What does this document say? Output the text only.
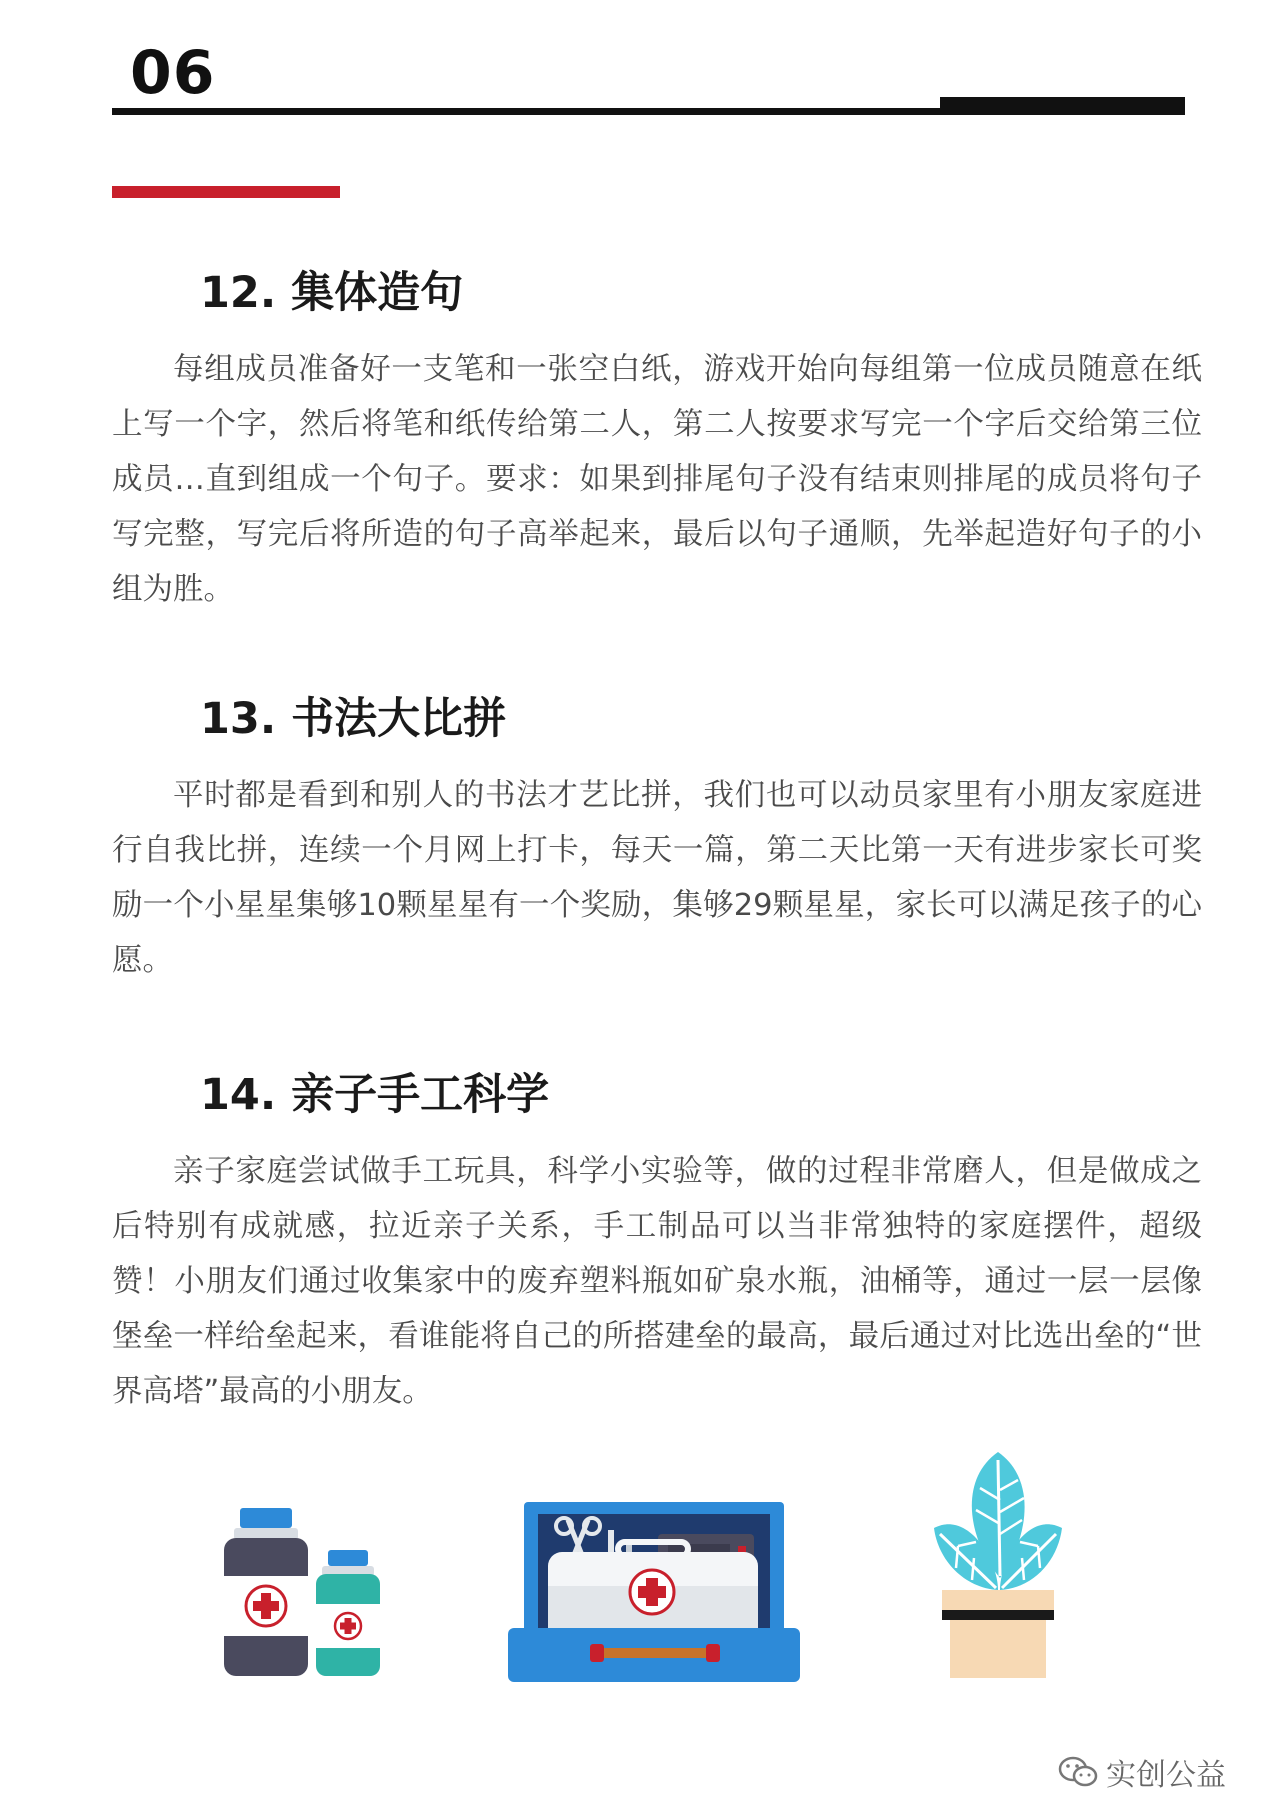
06
12. 集体造句

每组成员准备好一支笔和一张空白纸，游戏开始向每组第一位成员随意在纸上写一个字，然后将笔和纸传给第二人，第二人按要求写完一个字后交给第三位成员…直到组成一个句子。要求：如果到排尾句子没有结束则排尾的成员将句子写完整，写完后将所造的句子高举起来，最后以句子通顺，先举起造好句子的小组为胜。

13. 书法大比拼

平时都是看到和别人的书法才艺比拼，我们也可以动员家里有小朋友家庭进行自我比拼，连续一个月网上打卡，每天一篇，第二天比第一天有进步家长可奖励一个小星星集够10颗星星有一个奖励，集够29颗星星，家长可以满足孩子的心愿。

14. 亲子手工科学

亲子家庭尝试做手工玩具，科学小实验等，做的过程非常磨人，但是做成之后特别有成就感，拉近亲子关系，手工制品可以当非常独特的家庭摆件，超级赞！小朋友们通过收集家中的废弃塑料瓶如矿泉水瓶，油桶等，通过一层一层像堡垒一样给垒起来，看谁能将自己的所搭建垒的最高，最后通过对比选出垒的“世界高塔”最高的小朋友。

实创公益
